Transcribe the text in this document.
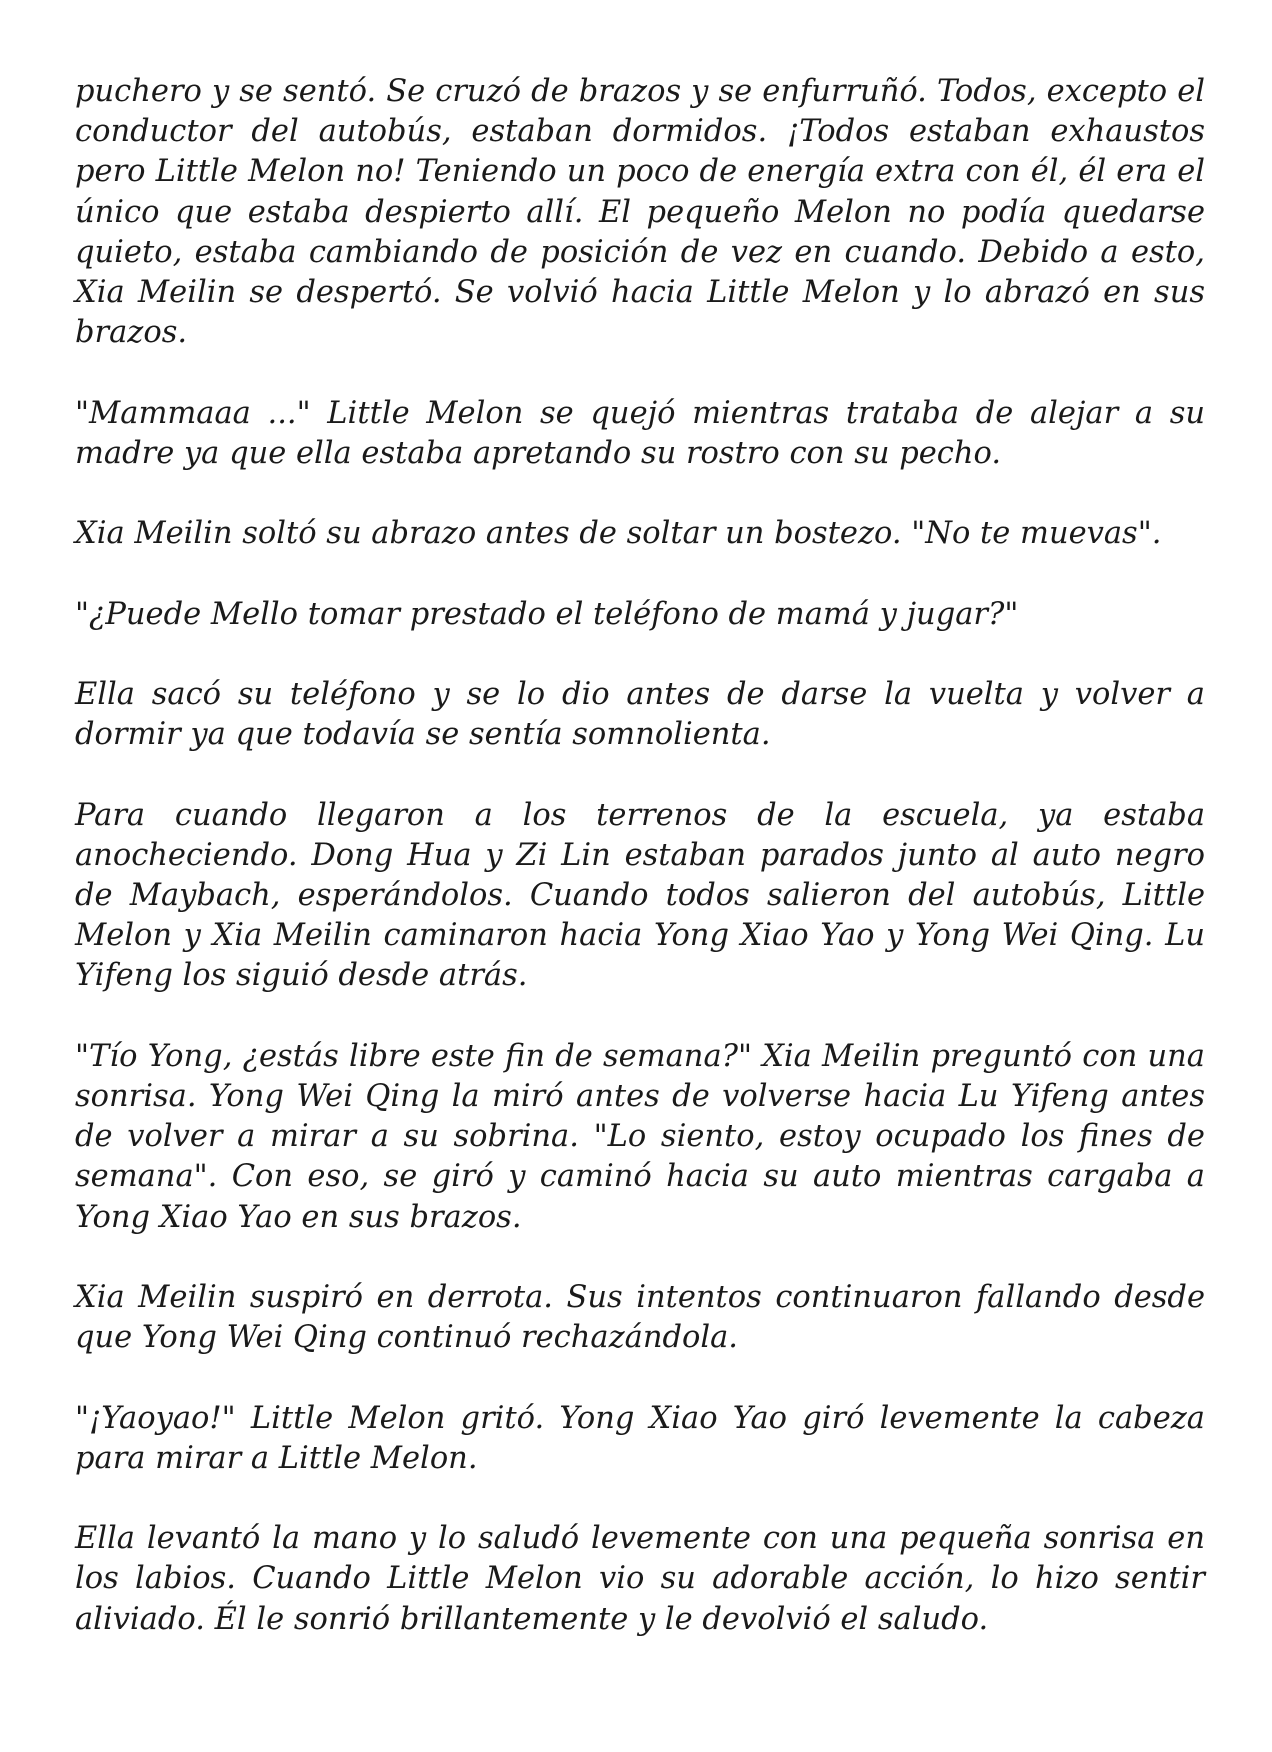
puchero y se sentó. Se cruzó de brazos y se enfurruñó. Todos, excepto el conductor del autobús, estaban dormidos. ¡Todos estaban exhaustos pero Little Melon no! Teniendo un poco de energía extra con él, él era el único que estaba despierto allí. El pequeño Melon no podía quedarse quieto, estaba cambiando de posición de vez en cuando. Debido a esto, Xia Meilin se despertó. Se volvió hacia Little Melon y lo abrazó en sus brazos.

"Mammaaa ..." Little Melon se quejó mientras trataba de alejar a su madre ya que ella estaba apretando su rostro con su pecho.

Xia Meilin soltó su abrazo antes de soltar un bostezo. "No te muevas".

"¿Puede Mello tomar prestado el teléfono de mamá y jugar?"

Ella sacó su teléfono y se lo dio antes de darse la vuelta y volver a dormir ya que todavía se sentía somnolienta.

Para cuando llegaron a los terrenos de la escuela, ya estaba anocheciendo. Dong Hua y Zi Lin estaban parados junto al auto negro de Maybach, esperándolos. Cuando todos salieron del autobús, Little Melon y Xia Meilin caminaron hacia Yong Xiao Yao y Yong Wei Qing. Lu Yifeng los siguió desde atrás.

"Tío Yong, ¿estás libre este fin de semana?" Xia Meilin preguntó con una sonrisa. Yong Wei Qing la miró antes de volverse hacia Lu Yifeng antes de volver a mirar a su sobrina. "Lo siento, estoy ocupado los fines de semana". Con eso, se giró y caminó hacia su auto mientras cargaba a Yong Xiao Yao en sus brazos.

Xia Meilin suspiró en derrota. Sus intentos continuaron fallando desde que Yong Wei Qing continuó rechazándola.

"¡Yaoyao!" Little Melon gritó. Yong Xiao Yao giró levemente la cabeza para mirar a Little Melon.

Ella levantó la mano y lo saludó levemente con una pequeña sonrisa en los labios. Cuando Little Melon vio su adorable acción, lo hizo sentir aliviado. Él le sonrió brillantemente y le devolvió el saludo.
